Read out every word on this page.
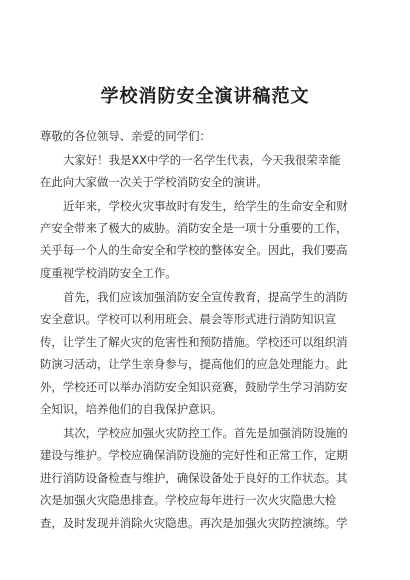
学校消防安全演讲稿范文

尊敬的各位领导、亲爱的同学们：

大家好！我是XX中学的一名学生代表，今天我很荣幸能

在此向大家做一次关于学校消防安全的演讲。

近年来，学校火灾事故时有发生，给学生的生命安全和财

产安全带来了极大的威胁。消防安全是一项十分重要的工作，

关乎每一个人的生命安全和学校的整体安全。因此，我们要高

度重视学校消防安全工作。

首先，我们应该加强消防安全宣传教育，提高学生的消防

安全意识。学校可以利用班会、晨会等形式进行消防知识宣

传，让学生了解火灾的危害性和预防措施。学校还可以组织消

防演习活动，让学生亲身参与，提高他们的应急处理能力。此

外，学校还可以举办消防安全知识竞赛，鼓励学生学习消防安

全知识，培养他们的自我保护意识。

其次，学校应加强火灾防控工作。首先是加强消防设施的

建设与维护。学校应确保消防设施的完好性和正常工作，定期

进行消防设备检查与维护，确保设备处于良好的工作状态。其

次是加强火灾隐患排查。学校应每年进行一次火灾隐患大检

查，及时发现并消除火灾隐患。再次是加强火灾防控演练。学
